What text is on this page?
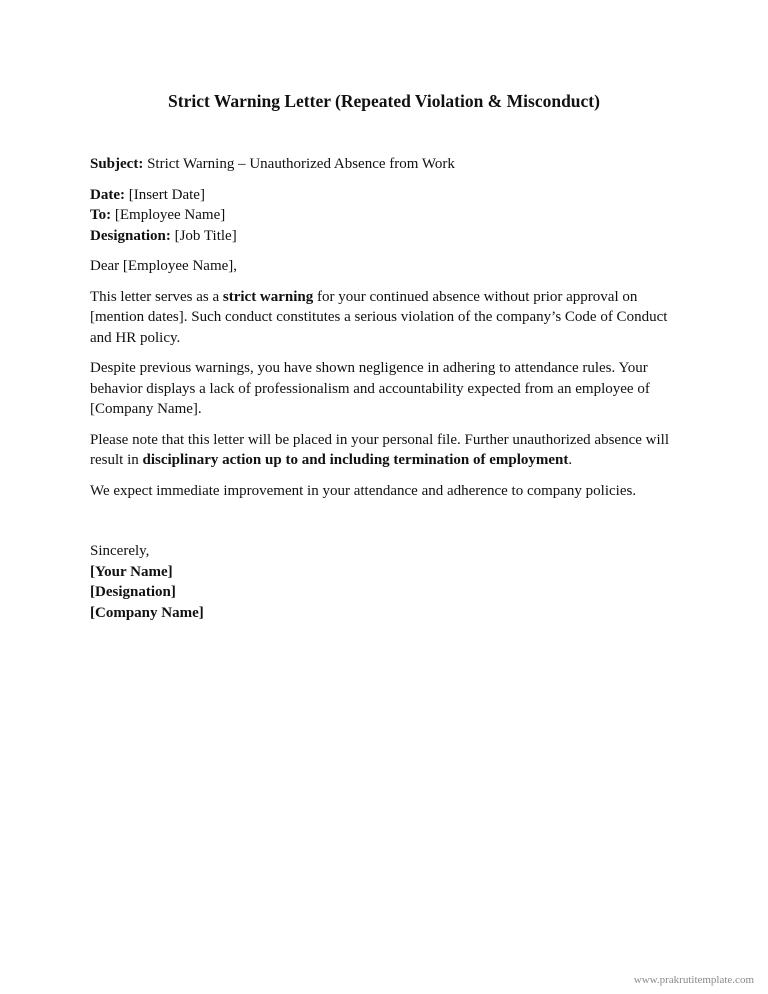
Strict Warning Letter (Repeated Violation & Misconduct)

Subject: Strict Warning – Unauthorized Absence from Work

Date: [Insert Date]

To: [Employee Name]

Designation: [Job Title]

Dear [Employee Name],

This letter serves as a strict warning for your continued absence without prior approval on [mention dates]. Such conduct constitutes a serious violation of the company’s Code of Conduct and HR policy.

Despite previous warnings, you have shown negligence in adhering to attendance rules. Your behavior displays a lack of professionalism and accountability expected from an employee of [Company Name].

Please note that this letter will be placed in your personal file. Further unauthorized absence will result in disciplinary action up to and including termination of employment.

We expect immediate improvement in your attendance and adherence to company policies.

Sincerely,

[Your Name]

[Designation]

[Company Name]

www.prakrutitemplate.com
